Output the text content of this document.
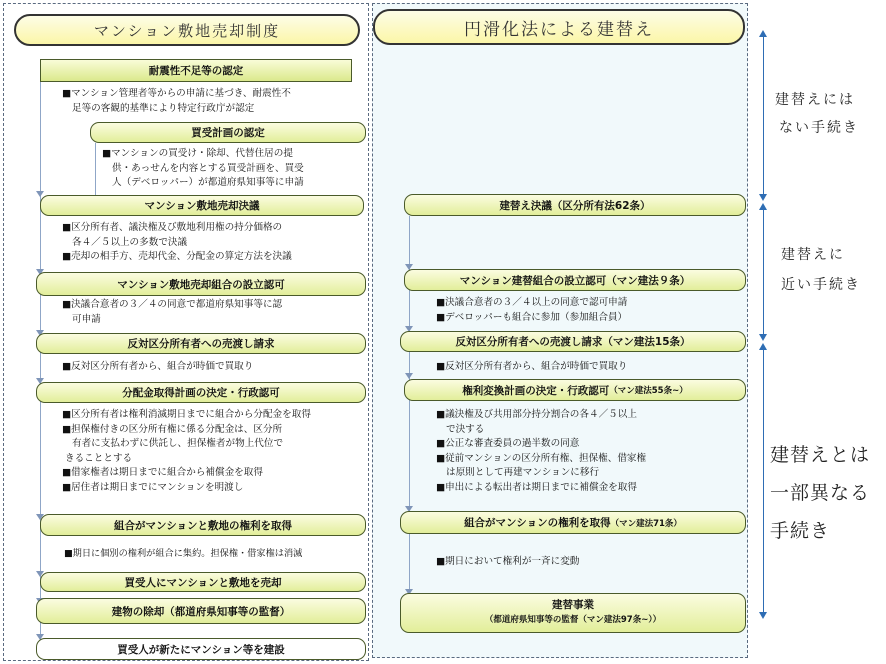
マンション敷地売却制度	円滑化法による建替え
耐震性不足等の認定
買受計画の認定
マンション敷地売却決議
マンション敷地売却組合の設立認可
反対区分所有者への売渡し請求
分配金取得計画の決定・行政認可
組合がマンションと敷地の権利を取得
買受人にマンションと敷地を売却
建物の除却（都道府県知事等の監督）
買受人が新たにマンション等を建設
■マンション管理者等からの申請に基づき、耐震性不
足等の客観的基準により特定行政庁が認定
■マンションの買受け・除却、代替住居の提
供・あっせんを内容とする買受計画を、買受
人（デベロッパー）が都道府県知事等に申請
■区分所有者、議決権及び敷地利用権の持分価格の
各４／５以上の多数で決議
■売却の相手方、売却代金、分配金の算定方法を決議
■決議合意者の３／４の同意で都道府県知事等に認
可申請
■反対区分所有者から、組合が時価で買取り
■区分所有者は権利消滅期日までに組合から分配金を取得
■担保権付きの区分所有権に係る分配金は、区分所
有者に支払わずに供託し、担保権者が物上代位で
きることとする
■借家権者は期日までに組合から補償金を取得
■居住者は期日までにマンションを明渡し
■期日に個別の権利が組合に集約。担保権・借家権は消滅
建替え決議（区分所有法62条）
マンション建替組合の設立認可（マン建法９条）
反対区分所有者への売渡し請求（マン建法15条）
権利変換計画の決定・行政認可 （マン建法55条~）
組合がマンションの権利を取得 （マン建法71条）
建替事業
（都道府県知事等の監督（マン建法97条~））
■決議合意者の３／４以上の同意で認可申請
■デベロッパーも組合に参加（参加組合員）
■反対区分所有者から、組合が時価で買取り
■議決権及び共用部分持分割合の各４／５以上
で決する
■公正な審査委員の過半数の同意
■従前マンションの区分所有権、担保権、借家権
は原則として再建マンションに移行
■申出による転出者は期日までに補償金を取得
■期日において権利が一斉に変動
建替えには
ない手続き
建替えに
近い手続き
建替えとは
一部異なる
手続き
